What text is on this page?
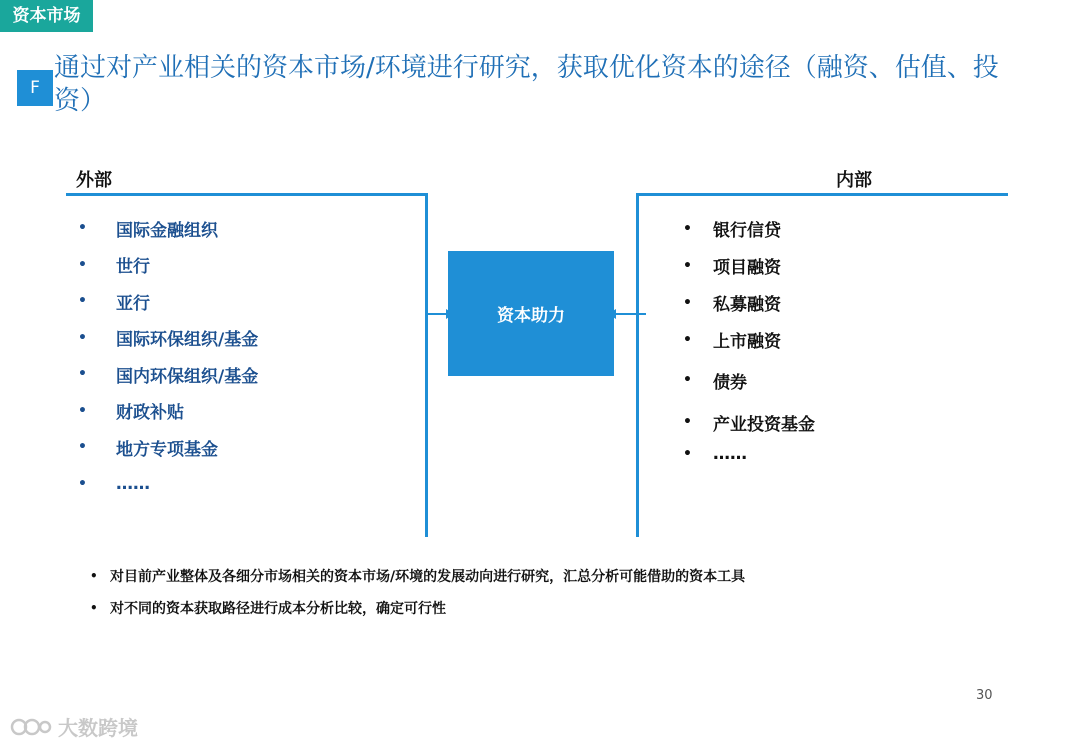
资本市场
F
通过对产业相关的资本市场/环境进行研究，获取优化资本的途径（融资、估值、投资）
外部	内部
资本助力
•	国际金融组织
•	世行
•	亚行
•	国际环保组织/基金
•	国内环保组织/基金
•	财政补贴
•	地方专项基金
•	……
•	银行信贷
•	项目融资
•	私募融资
•	上市融资
•	债券
•	产业投资基金
•	……
• 对目前产业整体及各细分市场相关的资本市场/环境的发展动向进行研究，汇总分析可能借助的资本工具
• 对不同的资本获取路径进行成本分析比较，确定可行性
30
大数跨境
